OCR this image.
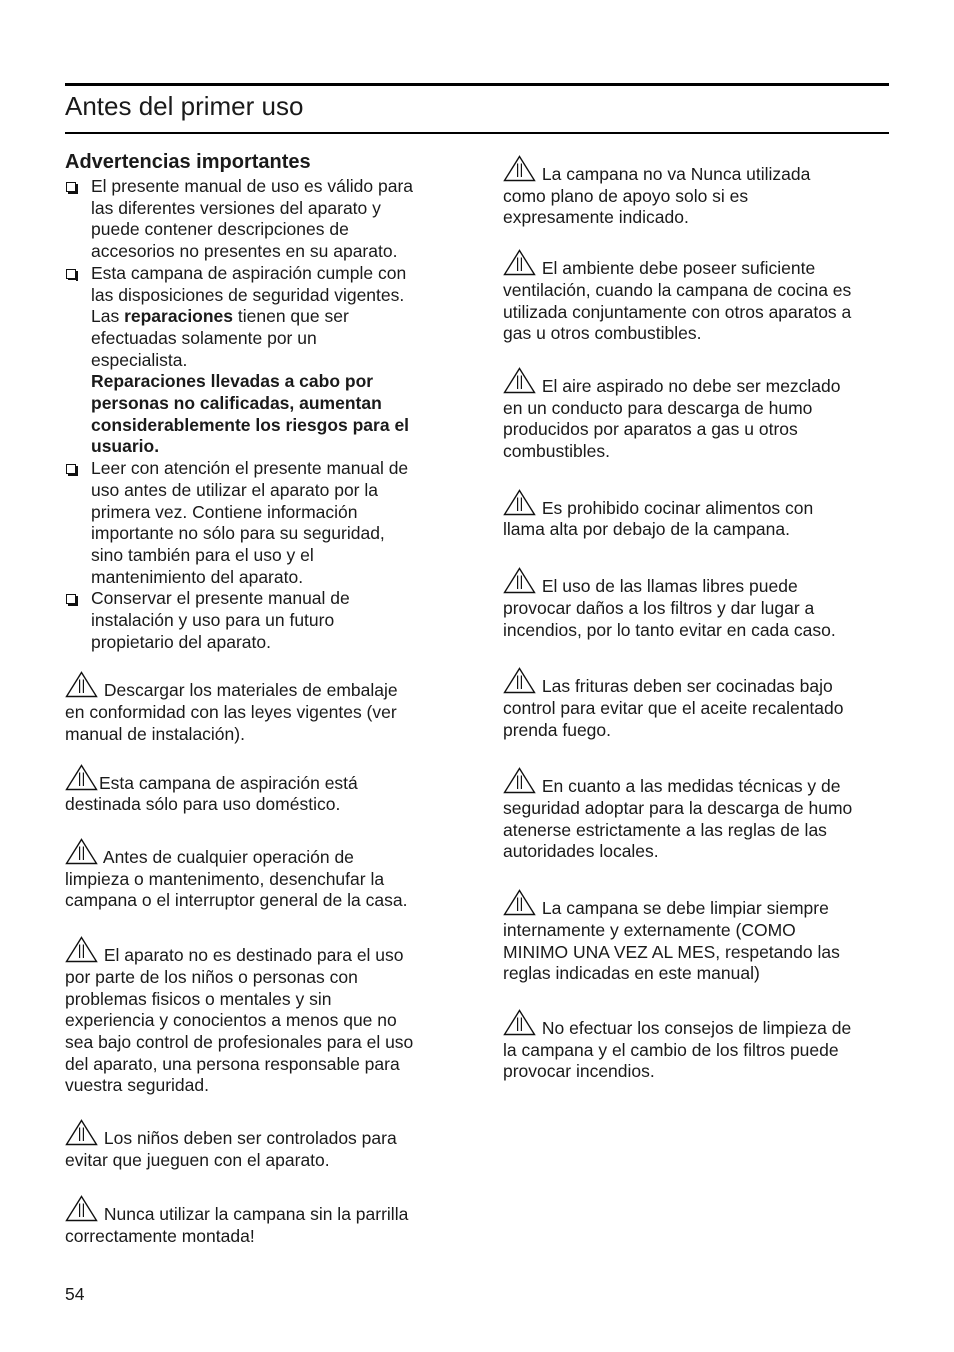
Antes del primer uso
Advertencias importantes
El presente manual de uso es válido para
las diferentes versiones del aparato y
puede contener descripciones de
accesorios no presentes en su aparato.
Esta campana de aspiración cumple con
las disposiciones de seguridad vigentes.
Las reparaciones tienen que ser
efectuadas solamente por un
especialista.
Reparaciones llevadas a cabo por
personas no calificadas, aumentan
considerablemente los riesgos para el
usuario.
Leer con atención el presente manual de
uso antes de utilizar el aparato por la
primera vez. Contiene información
importante no sólo para su seguridad,
sino también para el uso y el
mantenimiento del aparato.
Conservar el presente manual de
instalación y uso para un futuro
propietario del aparato.

Descargar los materiales de embalaje
en conformidad con las leyes vigentes (ver
manual de instalación).

Esta campana de aspiración está
destinada sólo para uso doméstico.

Antes de cualquier operación de
limpieza o mantenimento, desenchufar la
campana o el interruptor general de la casa.

El aparato no es destinado para el uso
por parte de los niños o personas con
problemas fisicos o mentales y sin
experiencia y conocientos a menos que no
sea bajo control de profesionales para el uso
del aparato, una persona responsable para
vuestra seguridad.

Los niños deben ser controlados para
evitar que jueguen con el aparato.

Nunca utilizar la campana sin la parrilla
correctamente montada!

La campana no va Nunca utilizada
como plano de apoyo solo si es
expresamente indicado.

El ambiente debe poseer suficiente
ventilación, cuando la campana de cocina es
utilizada conjuntamente con otros aparatos a
gas u otros combustibles.

El aire aspirado no debe ser mezclado
en un conducto para descarga de humo
producidos por aparatos a gas u otros
combustibles.

Es prohibido cocinar alimentos con
llama alta por debajo de la campana.

El uso de las llamas libres puede
provocar daños a los filtros y dar lugar a
incendios, por lo tanto evitar en cada caso.

Las frituras deben ser cocinadas bajo
control para evitar que el aceite recalentado
prenda fuego.

En cuanto a las medidas técnicas y de
seguridad adoptar para la descarga de humo
atenerse estrictamente a las reglas de las
autoridades locales.

La campana se debe limpiar siempre
internamente y externamente (COMO
MINIMO UNA VEZ AL MES, respetando las
reglas indicadas en este manual)

No efectuar los consejos de limpieza de
la campana y el cambio de los filtros puede
provocar incendios.

54
